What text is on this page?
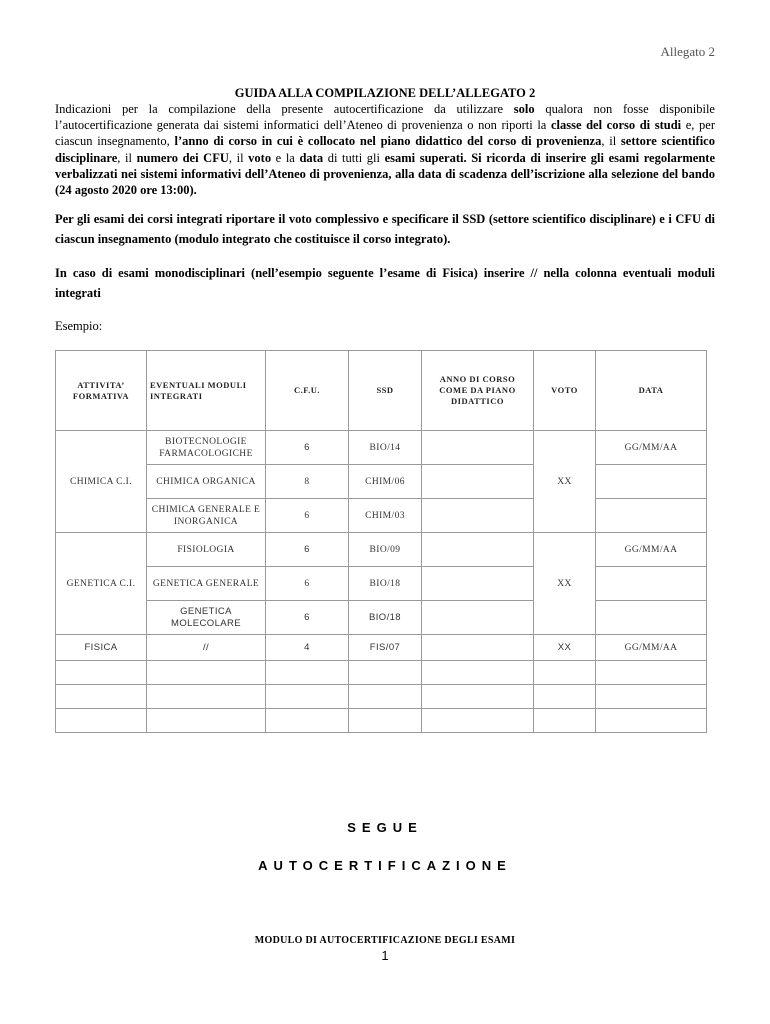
Allegato 2
GUIDA ALLA COMPILAZIONE DELL’ALLEGATO 2
Indicazioni per la compilazione della presente autocertificazione da utilizzare solo qualora non fosse disponibile l’autocertificazione generata dai sistemi informatici dell’Ateneo di provenienza o non riporti la classe del corso di studi e, per ciascun insegnamento, l’anno di corso in cui è collocato nel piano didattico del corso di provenienza, il settore scientifico disciplinare, il numero dei CFU, il voto e la data di tutti gli esami superati. Si ricorda di inserire gli esami regolarmente verbalizzati nei sistemi informativi dell’Ateneo di provenienza, alla data di scadenza dell’iscrizione alla selezione del bando (24 agosto 2020 ore 13:00).
Per gli esami dei corsi integrati riportare il voto complessivo e specificare il SSD (settore scientifico disciplinare) e i CFU di ciascun insegnamento (modulo integrato che costituisce il corso integrato).
In caso di esami monodisciplinari (nell’esempio seguente l’esame di Fisica) inserire // nella colonna eventuali moduli integrati
Esempio:
ATTIVITA’ FORMATIVA	EVENTUALI MODULI INTEGRATI	C.F.U.	SSD	ANNO DI CORSO COME DA PIANO DIDATTICO	VOTO	DATA
CHIMICA C.I.	BIOTECNOLOGIE FARMACOLOGICHE	6	BIO/14		XX	GG/MM/AA
	CHIMICA ORGANICA	8	CHIM/06			
	CHIMICA GENERALE E INORGANICA	6	CHIM/03			
GENETICA C.I.	FISIOLOGIA	6	BIO/09		XX	GG/MM/AA
	GENETICA GENERALE	6	BIO/18			
	GENETICA MOLECOLARE	6	BIO/18			
FISICA	//	4	FIS/07		XX	GG/MM/AA

SEGUE
AUTOCERTIFICAZIONE
MODULO DI AUTOCERTIFICAZIONE DEGLI ESAMI
1
